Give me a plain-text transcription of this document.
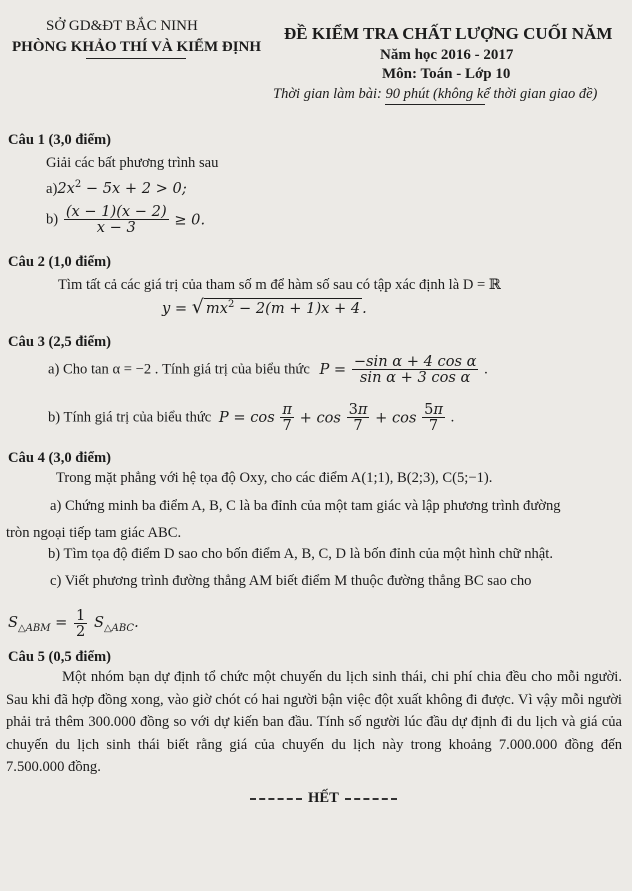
SỞ GD&ĐT BẮC NINH
PHÒNG KHẢO THÍ VÀ KIỂM ĐỊNH
ĐỀ KIỂM TRA CHẤT LƯỢNG CUỐI NĂM
Năm học 2016 - 2017
Môn: Toán - Lớp 10
Thời gian làm bài: 90 phút (không kể thời gian giao đề)
Câu 1 (3,0 điểm)
Giải các bất phương trình sau
$a)2x^2 - 5x + 2 > 0$;
$b) \frac{(x - 1)(x - 2)}{x - 3} \ge 0$.
Câu 2 (1,0 điểm)
Tìm tất cả các giá trị của tham số m để hàm số sau có tập xác định là D = ℝ
y = √ $mx^2 - 2(m + 1)x + 4$ .
Câu 3 (2,5 điểm)
a) Cho tan α = −2 . Tính giá trị của biểu thức $P = \frac{\text{−sin α + 4 cos α}}{\text{sin α + 3 cos α}}$ .
b) Tính giá trị của biểu thức $P = \cos \frac{\pi}{7} + \cos \frac{3\pi}{7} + \cos \frac{5\pi}{7}$ .
Câu 4 (3,0 điểm)
Trong mặt phẳng với hệ tọa độ Oxy, cho các điểm A(1;1), B(2;3), C(5;−1).
a) Chứng minh ba điểm A, B, C là ba đỉnh của một tam giác và lập phương trình đường
tròn ngoại tiếp tam giác ABC.
b) Tìm tọa độ điểm D sao cho bốn điểm A, B, C, D là bốn đỉnh của một hình chữ nhật.
c) Viết phương trình đường thẳng AM biết điểm M thuộc đường thẳng BC sao cho
$S_{\triangle ABM} = \frac{1}{2} S_{\triangle ABC}$.
Câu 5 (0,5 điểm)
Một nhóm bạn dự định tổ chức một chuyến du lịch sinh thái, chi phí chia đều cho mỗi người. Sau khi đã hợp đồng xong, vào giờ chót có hai người bận việc đột xuất không đi được. Vì vậy mỗi người phải trả thêm 300.000 đồng so với dự kiến ban đầu. Tính số người lúc đầu dự định đi du lịch và giá của chuyến du lịch sinh thái biết rằng giá của chuyến du lịch này trong khoảng 7.000.000 đồng đến 7.500.000 đồng.
HẾT
